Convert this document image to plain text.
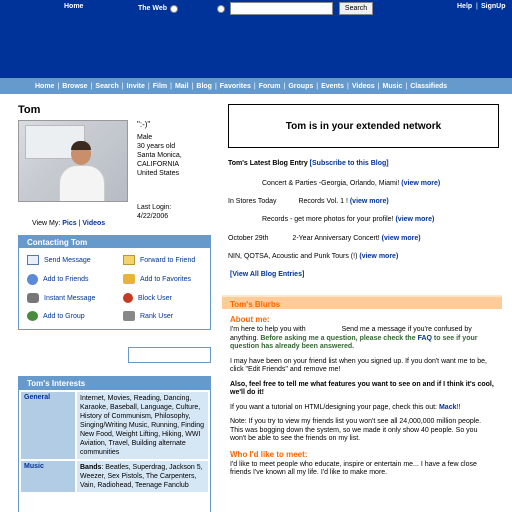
Home	The Web	Search	Help | SignUp
Home | Browse | Search | Invite | Film | Mail | Blog | Favorites | Forum | Groups | Events | Videos | Music | Classifieds
Tom
":-)"
Male
30 years old
Santa Monica,
CALIFORNIA
United States
Last Login:
4/22/2006
View My: Pics | Videos
Contacting Tom
Send Message	Forward to Friend
Add to Friends	Add to Favorites
Instant Message	Block User
Add to Group	Rank User
Tom's Interests
General	Internet, Movies, Reading, Dancing, Karaoke, Baseball, Language, Culture, History of Communism, Philosophy, Singing/Writing Music, Running, Finding New Food, Weight Lifting, Hiking, WWI Aviation, Travel, Building alternate communities
Music	Bands: Beatles, Superdrag, Jackson 5, Weezer, Sex Pistols, The Carpenters, Vain, Radiohead, Teenage Fanclub
Tom is in your extended network
Tom's Latest Blog Entry [Subscribe to this Blog]
Concert & Parties -Georgia, Orlando, Miami! (view more)
In Stores Today	Records Vol. 1 ! (view more)
Records - get more photos for your profile! (view more)
October 29th	2-Year Anniversary Concert! (view more)
NIN, QOTSA, Acoustic and Punk Tours (!) (view more)
[View All Blog Entries]
Tom's Blurbs
About me:

I'm here to help you with	Send me a message if you're confused by anything. Before asking me a question, please check the FAQ to see if your question has already been answered.

I may have been on your friend list when you signed up. If you don't want me to be, click "Edit Friends" and remove me!

Also, feel free to tell me what features you want to see on and if I think it's cool, we'll do it!

If you want a tutorial on HTML/designing your page, check this out: Mack!!

Note: If you try to view my friends list you won't see all 24,000,000 million people. This was bogging down the system, so we made it only show 40 people. So you won't be able to see the friends on my list.

Who I'd like to meet:

I'd like to meet people who educate, inspire or entertain me... I have a few close friends I've known all my life. I'd like to make more.
